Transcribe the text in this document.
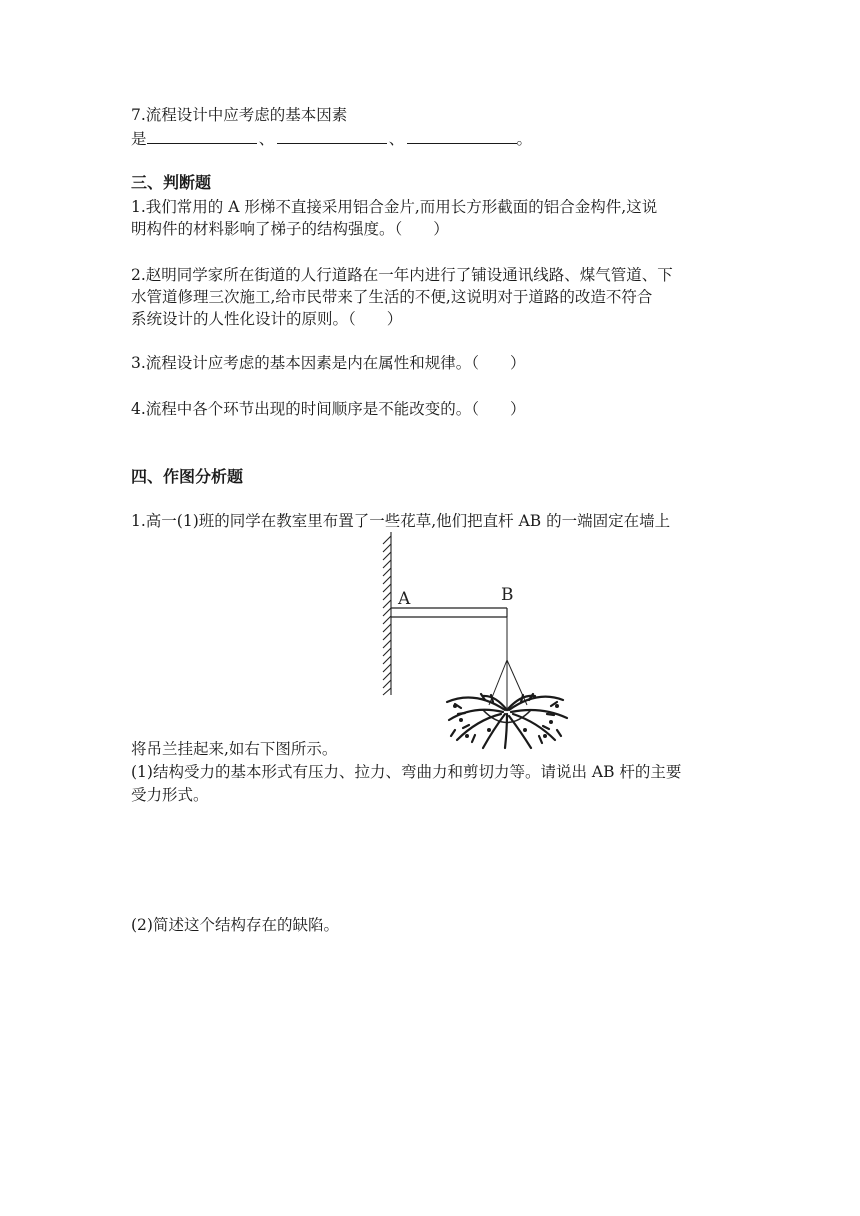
7.流程设计中应考虑的基本因素
是	、	、	。
三、判断题
1.我们常用的 A 形梯不直接采用铝合金片,而用长方形截面的铝合金构件,这说
明构件的材料影响了梯子的结构强度。（　　）
2.赵明同学家所在街道的人行道路在一年内进行了铺设通讯线路、煤气管道、下
水管道修理三次施工,给市民带来了生活的不便,这说明对于道路的改造不符合
系统设计的人性化设计的原则。（　　）
3.流程设计应考虑的基本因素是内在属性和规律。（　　）
4.流程中各个环节出现的时间顺序是不能改变的。（　　）
四、作图分析题
1.高一(1)班的同学在教室里布置了一些花草,他们把直杆 AB 的一端固定在墙上
A	B
将吊兰挂起来,如右下图所示。
(1)结构受力的基本形式有压力、拉力、弯曲力和剪切力等。请说出 AB 杆的主要
受力形式。
(2)简述这个结构存在的缺陷。
